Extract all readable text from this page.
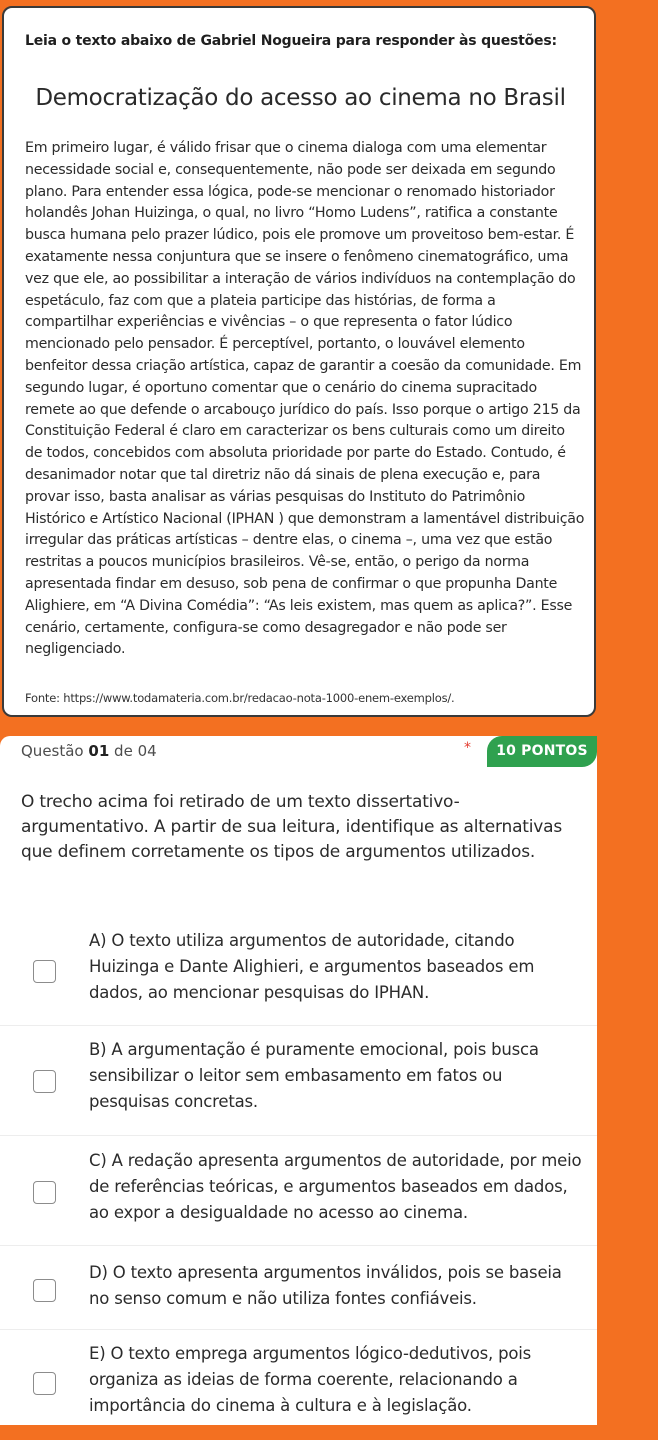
Leia o texto abaixo de Gabriel Nogueira para responder às questões:
Democratização do acesso ao cinema no Brasil
Em primeiro lugar, é válido frisar que o cinema dialoga com uma elementar necessidade social e, consequentemente, não pode ser deixada em segundo plano. Para entender essa lógica, pode-se mencionar o renomado historiador holandês Johan Huizinga, o qual, no livro “Homo Ludens”, ratifica a constante busca humana pelo prazer lúdico, pois ele promove um proveitoso bem-estar. É exatamente nessa conjuntura que se insere o fenômeno cinematográfico, uma vez que ele, ao possibilitar a interação de vários indivíduos na contemplação do espetáculo, faz com que a plateia participe das histórias, de forma a compartilhar experiências e vivências – o que representa o fator lúdico mencionado pelo pensador. É perceptível, portanto, o louvável elemento benfeitor dessa criação artística, capaz de garantir a coesão da comunidade. Em segundo lugar, é oportuno comentar que o cenário do cinema supracitado remete ao que defende o arcabouço jurídico do país. Isso porque o artigo 215 da Constituição Federal é claro em caracterizar os bens culturais como um direito de todos, concebidos com absoluta prioridade por parte do Estado. Contudo, é desanimador notar que tal diretriz não dá sinais de plena execução e, para provar isso, basta analisar as várias pesquisas do Instituto do Patrimônio Histórico e Artístico Nacional (IPHAN ) que demonstram a lamentável distribuição irregular das práticas artísticas – dentre elas, o cinema –, uma vez que estão restritas a poucos municípios brasileiros. Vê-se, então, o perigo da norma apresentada findar em desuso, sob pena de confirmar o que propunha Dante Alighiere, em “A Divina Comédia”: “As leis existem, mas quem as aplica?”. Esse cenário, certamente, configura-se como desagregador e não pode ser negligenciado.
Fonte: https://www.todamateria.com.br/redacao-nota-1000-enem-exemplos/.
Questão 01 de 04	*	10 PONTOS
O trecho acima foi retirado de um texto dissertativo-argumentativo. A partir de sua leitura, identifique as alternativas que definem corretamente os tipos de argumentos utilizados.
A) O texto utiliza argumentos de autoridade, citando Huizinga e Dante Alighieri, e argumentos baseados em dados, ao mencionar pesquisas do IPHAN.
B) A argumentação é puramente emocional, pois busca sensibilizar o leitor sem embasamento em fatos ou pesquisas concretas.
C) A redação apresenta argumentos de autoridade, por meio de referências teóricas, e argumentos baseados em dados, ao expor a desigualdade no acesso ao cinema.
D) O texto apresenta argumentos inválidos, pois se baseia no senso comum e não utiliza fontes confiáveis.
E) O texto emprega argumentos lógico-dedutivos, pois organiza as ideias de forma coerente, relacionando a importância do cinema à cultura e à legislação.
